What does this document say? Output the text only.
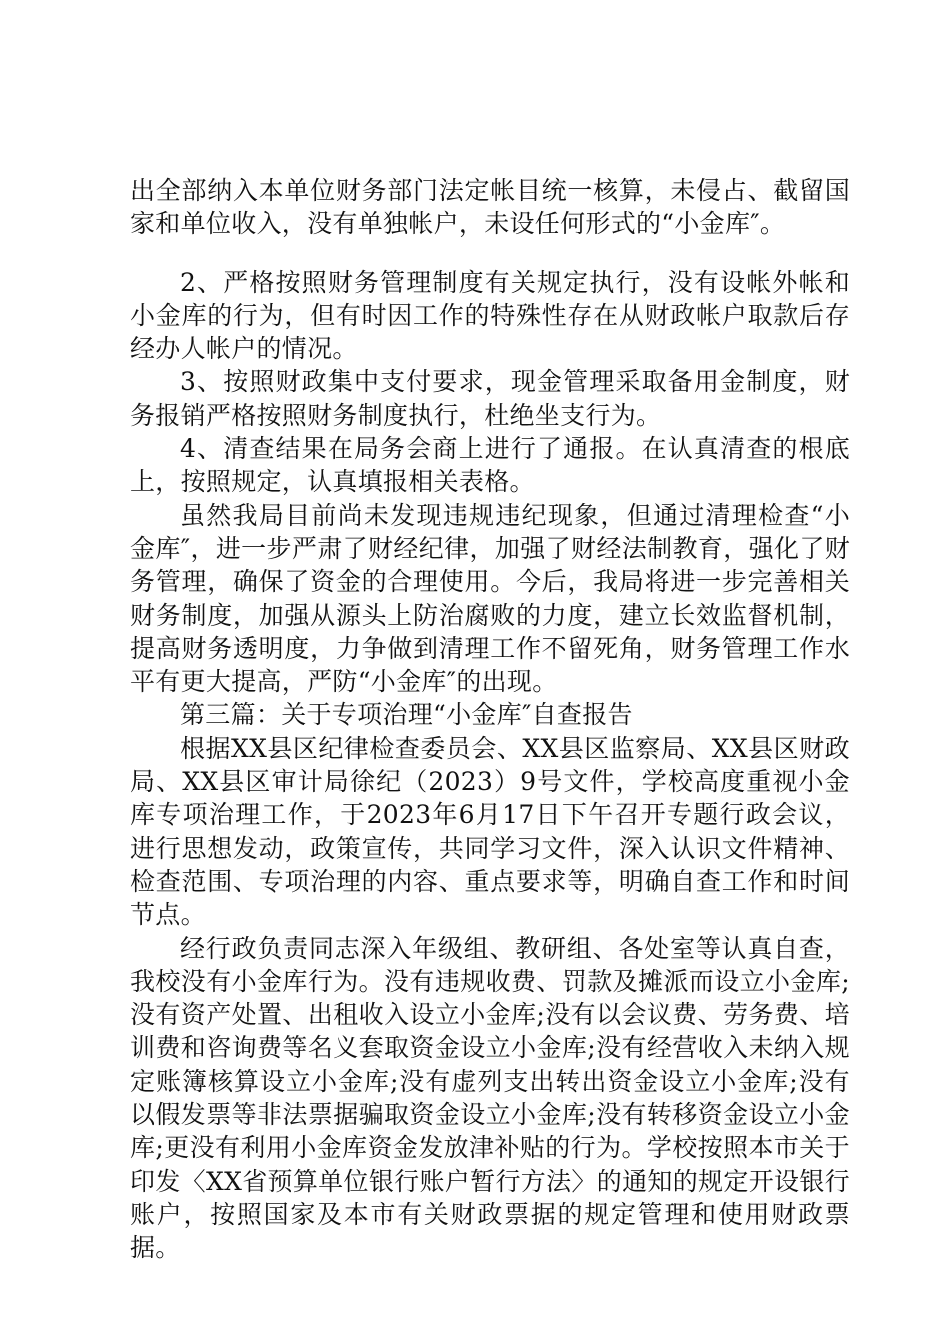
出全部纳入本单位财务部门法定帐目统一核算，未侵占、截留国家和单位收入，没有单独帐户，未设任何形式的“小金库″。

2、严格按照财务管理制度有关规定执行，没有设帐外帐和小金库的行为，但有时因工作的特殊性存在从财政帐户取款后存经办人帐户的情况。

3、按照财政集中支付要求，现金管理采取备用金制度，财务报销严格按照财务制度执行，杜绝坐支行为。

4、清查结果在局务会商上进行了通报。在认真清查的根底上，按照规定，认真填报相关表格。

虽然我局目前尚未发现违规违纪现象，但通过清理检查“小金库″，进一步严肃了财经纪律，加强了财经法制教育，强化了财务管理，确保了资金的合理使用。今后，我局将进一步完善相关财务制度，加强从源头上防治腐败的力度，建立长效监督机制，提高财务透明度，力争做到清理工作不留死角，财务管理工作水平有更大提高，严防“小金库″的出现。

第三篇：关于专项治理“小金库″自查报告

根据XX县区纪律检查委员会、XX县区监察局、XX县区财政局、XX县区审计局徐纪（2023）9号文件，学校高度重视小金库专项治理工作，于2023年6月17日下午召开专题行政会议，进行思想发动，政策宣传，共同学习文件，深入认识文件精神、检查范围、专项治理的内容、重点要求等，明确自查工作和时间节点。

经行政负责同志深入年级组、教研组、各处室等认真自查，我校没有小金库行为。没有违规收费、罚款及摊派而设立小金库;没有资产处置、出租收入设立小金库;没有以会议费、劳务费、培训费和咨询费等名义套取资金设立小金库;没有经营收入未纳入规定账簿核算设立小金库;没有虚列支出转出资金设立小金库;没有以假发票等非法票据骗取资金设立小金库;没有转移资金设立小金库;更没有利用小金库资金发放津补贴的行为。学校按照本市关于印发〈XX省预算单位银行账户暂行方法〉的通知的规定开设银行账户，按照国家及本市有关财政票据的规定管理和使用财政票据。
